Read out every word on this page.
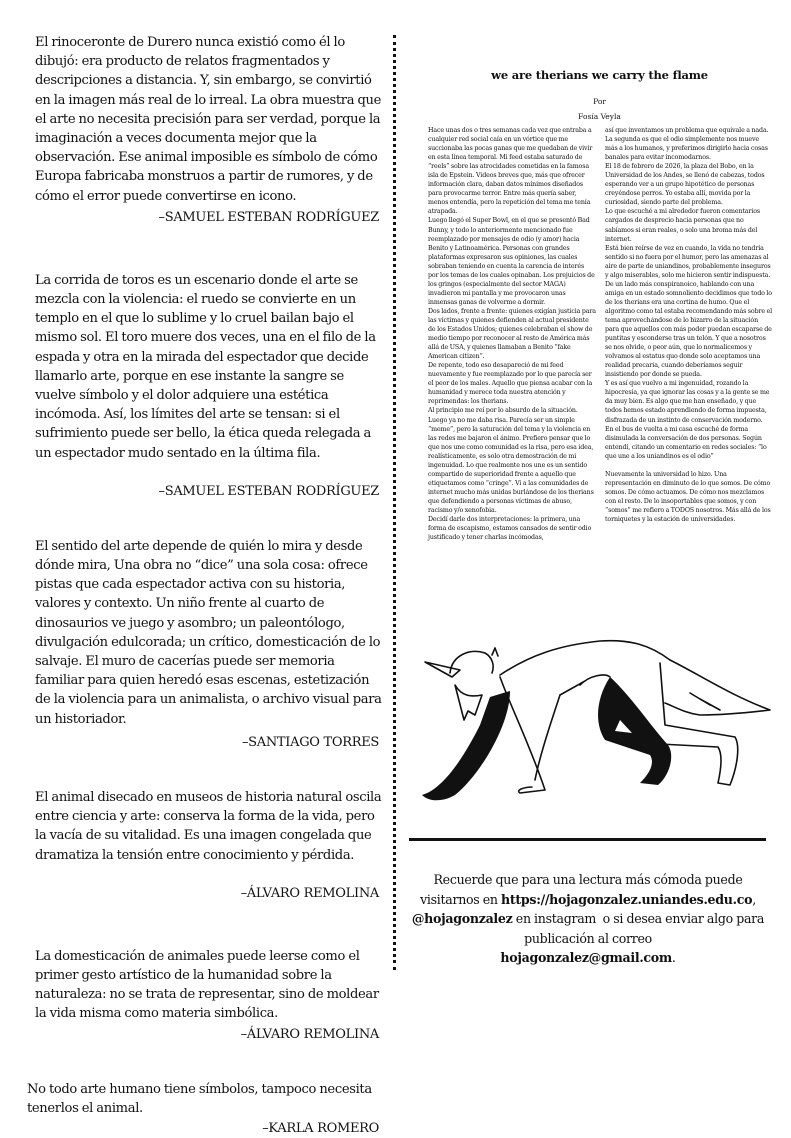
El rinoceronte de Durero nunca existió como él lo dibujó: era producto de relatos fragmentados y descripciones a distancia. Y, sin embargo, se convirtió en la imagen más real de lo irreal. La obra muestra que el arte no necesita precisión para ser verdad, porque la imaginación a veces documenta mejor que la observación. Ese animal imposible es símbolo de cómo Europa fabricaba monstruos a partir de rumores, y de cómo el error puede convertirse en icono.
–SAMUEL ESTEBAN RODRÍGUEZ
La corrida de toros es un escenario donde el arte se mezcla con la violencia: el ruedo se convierte en un templo en el que lo sublime y lo cruel bailan bajo el mismo sol. El toro muere dos veces, una en el filo de la espada y otra en la mirada del espectador que decide llamarlo arte, porque en ese instante la sangre se vuelve símbolo y el dolor adquiere una estética incómoda. Así, los límites del arte se tensan: si el sufrimiento puede ser bello, la ética queda relegada a un espectador mudo sentado en la última fila.
–SAMUEL ESTEBAN RODRÍGUEZ
El sentido del arte depende de quién lo mira y desde dónde mira, Una obra no “dice” una sola cosa: ofrece pistas que cada espectador activa con su historia, valores y contexto. Un niño frente al cuarto de dinosaurios ve juego y asombro; un paleontólogo, divulgación edulcorada; un crítico, domesticación de lo salvaje. El muro de cacerías puede ser memoria familiar para quien heredó esas escenas, estetización de la violencia para un animalista, o archivo visual para un historiador.
–SANTIAGO TORRES
El animal disecado en museos de historia natural oscila entre ciencia y arte: conserva la forma de la vida, pero la vacía de su vitalidad. Es una imagen congelada que dramatiza la tensión entre conocimiento y pérdida.
–ÁLVARO REMOLINA
La domesticación de animales puede leerse como el primer gesto artístico de la humanidad sobre la naturaleza: no se trata de representar, sino de moldear la vida misma como materia simbólica.
–ÁLVARO REMOLINA
No todo arte humano tiene símbolos, tampoco necesita tenerlos el animal.
–KARLA ROMERO
we are therians we carry the flame
Por
Fosía Veyla

Hace unas dos o tres semanas cada vez que entraba a cualquier red social caía en un vórtice que me succionaba las pocas ganas que me quedaban de vivir en esta línea temporal. Mi feed estaba saturado de “reels” sobre las atrocidades cometidas en la famosa isla de Epstein. Videos breves que, más que ofrecer información clara, daban datos mínimos diseñados para provocarme terror. Entre más quería saber, menos entendía, pero la repetición del tema me tenía atrapada.

Luego llegó el Super Bowl, en el que se presentó Bad Bunny, y todo lo anteriormente mencionado fue reemplazado por mensajes de odio (y amor) hacia Benito y Latinoamérica. Personas con grandes plataformas expresaron sus opiniones, las cuales sobraban teniendo en cuenta la carencia de interés por los temas de los cuales opinaban. Los prejuicios de los gringos (especialmente del sector MAGA) invadieron mi pantalla y me provocaron unas inmensas ganas de volverme a dormir.

Dos lados, frente a frente: quienes exigían justicia para las víctimas y quienes defienden al actual presidente de los Estados Unidos; quienes celebraban el show de medio tiempo por reconocer al resto de América más allá de USA, y quienes llamaban a Benito “fake American citizen”.

De repente, todo eso desapareció de mi feed nuevamente y fue reemplazado por lo que parecía ser el peor de los males. Aquello que piensa acabar con la humanidad y merece toda nuestra atención y reprimendas: los therians.

Al principio me reí por lo absurdo de la situación. Luego ya no me daba risa. Parecía ser un simple “meme”, pero la saturación del tema y la violencia en las redes me bajaron el ánimo. Prefiero pensar que lo que nos une como comunidad es la risa, pero esa idea, realísticamente, es solo otra demostración de mi ingenuidad. Lo que realmente nos une es un sentido compartido de superioridad frente a aquello que etiquetamos como “cringe”. Vi a las comunidades de internet mucho más unidas burlándose de los therians que defendiendo a personas víctimas de abuso, racismo y/o xenofobia.

Decidí darle dos interpretaciones: la primera, una forma de escapismo, estamos cansados de sentir odio justificado y tener charlas incómodas,

así que inventamos un problema que equivale a nada. La segunda es que el odio simplemente nos mueve más a los humanos, y preferimos dirigirlo hacia cosas banales para evitar incomodarnos.

El 18 de febrero de 2026, la plaza del Bobo, en la Universidad de los Andes, se llenó de cabezas, todos esperando ver a un grupo hipotético de personas creyéndose perros. Yo estaba allí, movida por la curiosidad, siendo parte del problema.

Lo que escuché a mi alrededor fueron comentarios cargados de desprecio hacia personas que no sabíamos si eran reales, o solo una broma más del internet.

Está bien reírse de vez en cuando, la vida no tendría sentido si no fuera por el humor, pero las amenazas al aire de parte de uniandinos, probablemente inseguros y algo miserables, solo me hicieron sentir indispuesta.

De un lado más conspiranoico, hablando con una amiga en un estado somnoliento decidimos que todo lo de los therians era una cortina de humo. Que el algoritmo como tal estaba recomendando más sobre el tema aprovechándose de lo bizarro de la situación para que aquellos con más poder puedan escaparse de puntitas y esconderse tras un telón. Y que a nosotros se nos olvide, o peor aún, que lo normalicemos y volvamos al estatus quo donde solo aceptamos una realidad precaria, cuando deberíamos seguir insistiendo por donde se pueda.

Y es así que vuelvo a mi ingenuidad, rozando la hipocresía, ya que ignorar las cosas y a la gente se me da muy bien. Es algo que me han enseñado, y que todos hemos estado aprendiendo de forma impuesta, disfrazada de un instinto de conservación moderno.

En el bus de vuelta a mi casa escuché de forma disimulada la conversación de dos personas. Según entendí, citando un comentario en redes sociales: “lo que une a los uniandinos es el odio”

Nuevamente la universidad lo hizo. Una representación en diminuto de lo que somos. De cómo somos. De cómo actuamos. De cómo nos mezclamos con el resto. De lo insoportables que somos, y con “somos” me refiero a TODOS nosotros. Más allá de los torniquetes y la estación de universidades.

Recuerde que para una lectura más cómoda puede
visitarnos en https://hojagonzalez.uniandes.edu.co,
@hojagonzalez en instagram  o si desea enviar algo para
publicación al correo
hojagonzalez@gmail.com.
